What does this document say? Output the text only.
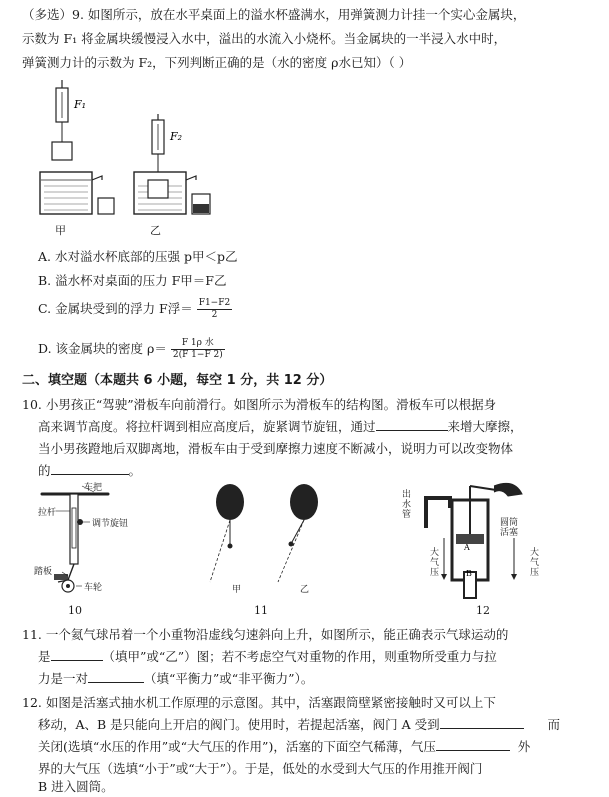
（多选）9. 如图所示，放在水平桌面上的溢水杯盛满水，用弹簧测力计挂一个实心金属块，
示数为 F₁ 将金属块缓慢浸入水中，溢出的水流入小烧杯。当金属块的一半浸入水中时，
弹簧测力计的示数为 F₂，下列判断正确的是（水的密度 ρ水已知）（ ）
F₁
F₂
甲	乙
A. 水对溢水杯底部的压强 p甲＜p乙
B. 溢水杯对桌面的压力 F甲＝F乙
C. 金属块受到的浮力 F浮＝ $\frac{F1-F2}{2}$
D. 该金属块的密度 $\rho= \frac{\text{F 1ρ 水}}{2(F 1-F 2)}$
二、填空题（本题共 6 小题，每空 1 分，共 12 分）
10. 小男孩正“驾驶”滑板车向前滑行。如图所示为滑板车的结构图。滑板车可以根据身
高来调节高度。将拉杆调到相应高度后，旋紧调节旋钮，通过	来增大摩擦，
当小男孩蹬地后双脚离地，滑板车由于受到摩擦力速度不断减小，说明力可以改变物体
的	。
车把
拉杆
调节旋钮
踏板
车轮
10
甲	乙
11
A
B
出水管
圆筒活塞
大气压
大气压
12
11. 一个氦气球吊着一个小重物沿虚线匀速斜向上升，如图所示，能正确表示气球运动的
是	（填甲”或“乙”）图；若不考虑空气对重物的作用，则重物所受重力与拉
力是一对	（填“平衡力”或“非平衡力”）。
12. 如图是活塞式抽水机工作原理的示意图。其中，活塞跟筒壁紧密接触时又可以上下
移动，A、B 是只能向上开启的阀门。使用时，若提起活塞，阀门 A 受到	而
关闭(选填“水压的作用”或“大气压的作用”)，活塞的下面空气稀薄，气压	外
界的大气压（选填“小于”或“大于”）。于是，低处的水受到大气压的作用推开阀门
B 进入圆筒。
